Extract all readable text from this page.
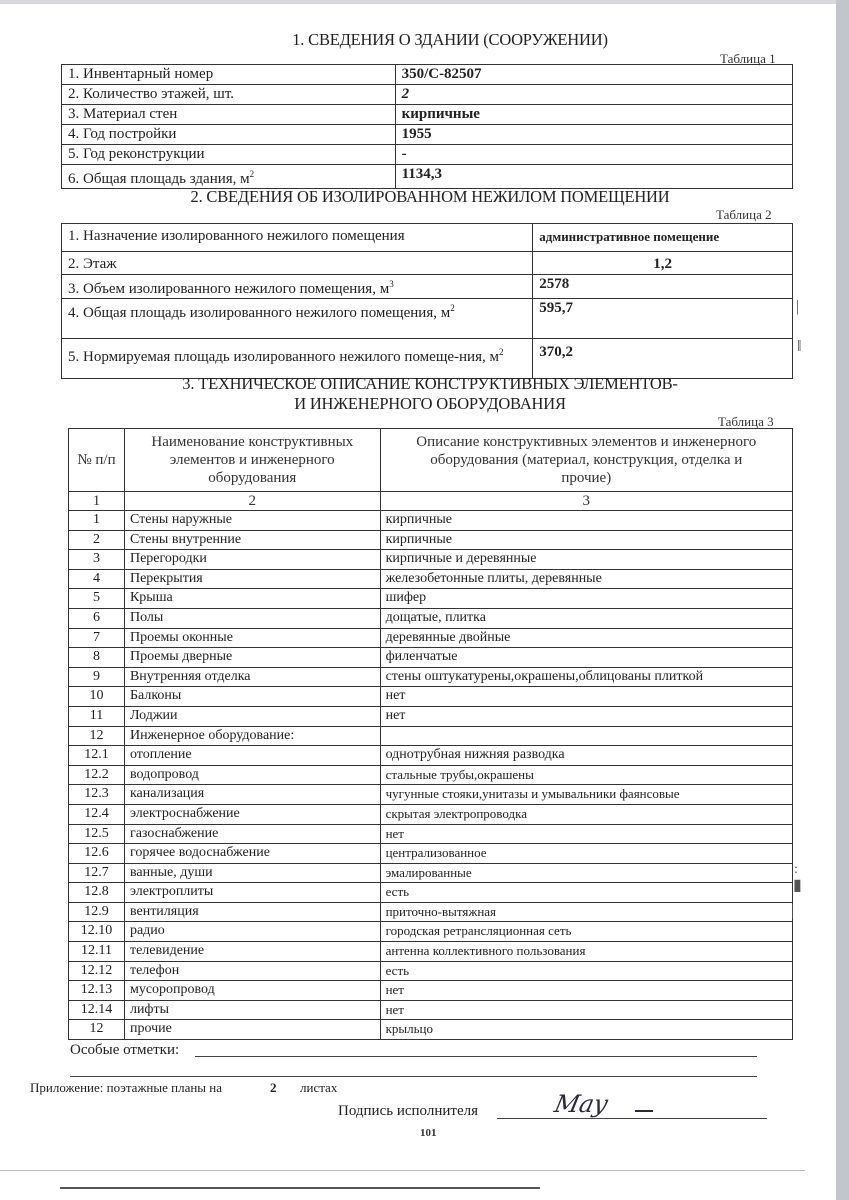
1. СВЕДЕНИЯ О ЗДАНИИ (СООРУЖЕНИИ)
Таблица 1
1. Инвентарный номер	350/С-82507
2. Количество этажей, шт.	2
3. Материал стен	кирпичные
4. Год постройки	1955
5. Год реконструкции	-
6. Общая площадь здания, $м^2$	1134,3
2. СВЕДЕНИЯ ОБ ИЗОЛИРОВАННОМ НЕЖИЛОМ ПОМЕЩЕНИИ
Таблица 2
1. Назначение изолированного нежилого помещения	административное помещение
2. Этаж	1,2
3. Объем изолированного нежилого помещения, $м^3$	2578
4. Общая площадь изолированного нежилого помещения, $м^2$	595,7
5. Нормируемая площадь изолированного нежилого помеще-ния, $м^2$	370,2
|
‖
3. ТЕХНИЧЕСКОЕ ОПИСАНИЕ КОНСТРУКТИВНЫХ ЭЛЕМЕНТОВ-
И ИНЖЕНЕРНОГО ОБОРУДОВАНИЯ
Таблица 3
№ п/п	Наименование конструктивных элементов и инженерного оборудования	Описание конструктивных элементов и инженерного оборудования (материал, конструкция, отделка и прочие)
1	2	3
1	Стены наружные	кирпичные
2	Стены внутренние	кирпичные
3	Перегородки	кирпичные и деревянные
4	Перекрытия	железобетонные плиты, деревянные
5	Крыша	шифер
6	Полы	дощатые, плитка
7	Проемы оконные	деревянные двойные
8	Проемы дверные	филенчатые
9	Внутренняя отделка	стены оштукатурены,окрашены,облицованы плиткой
10	Балконы	нет
11	Лоджии	нет
12	Инженерное оборудование:	
12.1	отопление	однотрубная нижняя разводка
12.2	водопровод	стальные трубы,окрашены
12.3	канализация	чугунные стояки,унитазы и умывальники фаянсовые
12.4	электроснабжение	скрытая электропроводка
12.5	газоснабжение	нет
12.6	горячее водоснабжение	централизованное
12.7	ванные, души	эмалированные
12.8	электроплиты	есть
12.9	вентиляция	приточно-вытяжная
12.10	радио	городская ретрансляционная сеть
12.11	телевидение	антенна коллективного пользования
12.12	телефон	есть
12.13	мусоропровод	нет
12.14	лифты	нет
12	прочие	крыльцо
:
▮
|
Особые отметки:
Приложение: поэтажные планы на	2 листах
Подпись исполнителя	Мау
101
